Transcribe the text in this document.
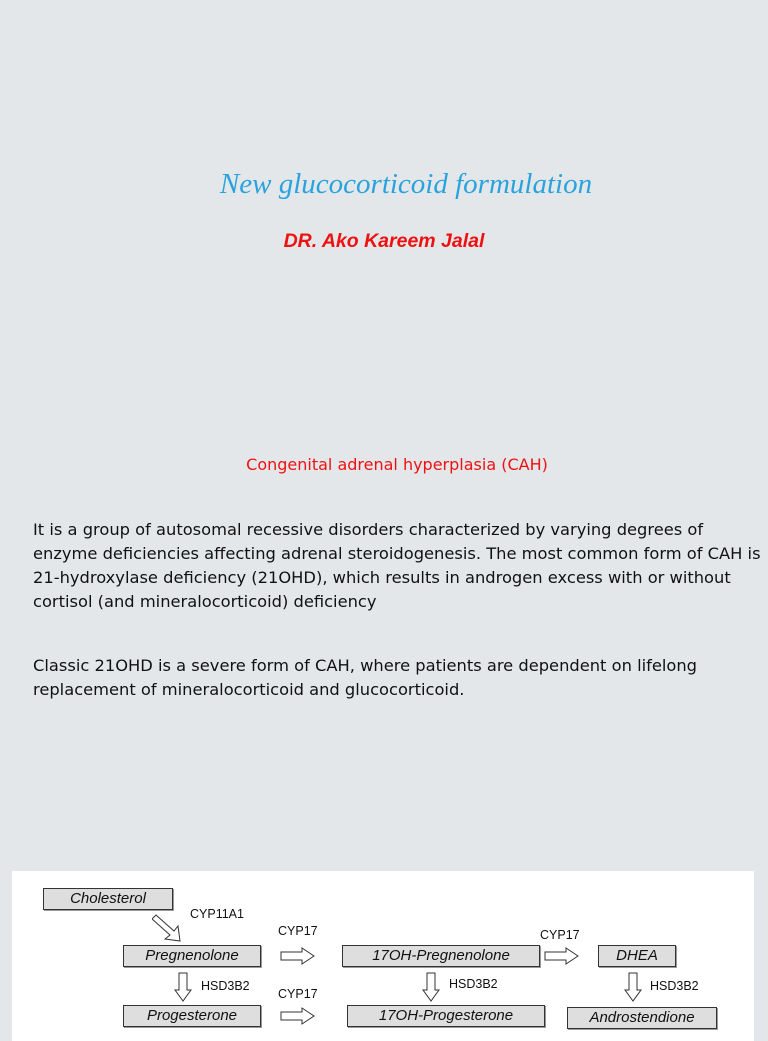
New glucocorticoid formulation
DR. Ako Kareem Jalal
Congenital adrenal hyperplasia (CAH)

It is a group of autosomal recessive disorders characterized by varying degrees of enzyme deficiencies affecting adrenal steroidogenesis. The most common form of CAH is 21-hydroxylase deficiency (21OHD), which results in androgen excess with or without cortisol (and mineralocorticoid) deficiency

Classic 21OHD is a severe form of CAH, where patients are dependent on lifelong replacement of mineralocorticoid and glucocorticoid.

Cholesterol
CYP11A1
CYP17	CYP17
Pregnenolone	17OH-Pregnenolone	DHEA
HSD3B2
CYP17
HSD3B2	HSD3B2
Progesterone	17OH-Progesterone	Androstendione
